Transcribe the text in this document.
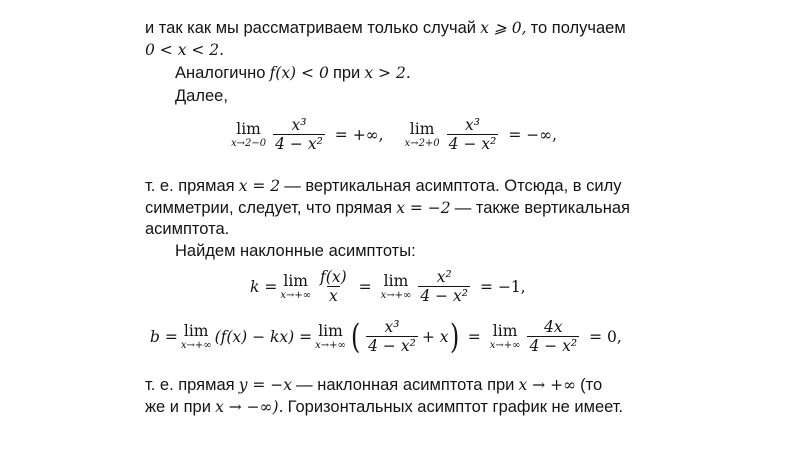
и так как мы рассматриваем только случай x ⩾ 0, то получаем
0 < x < 2.
Аналогично f(x) < 0 при x > 2.
Далее,
lim
$x\to 2-0 \frac{\text{x³}}{\text{4 − x²}}$ = +∞, lim
$x\to 2+0 \frac{\text{x³}}{\text{4 − x²}}$ = −∞,
т. е. прямая x = 2 — вертикальная асимптота. Отсюда, в силу
симметрии, следует, что прямая x = −2 — также вертикальная
асимптота.
Найдем наклонные асимптоты:
k = lim
$x\to+\infty \frac{f(x)}{x} = \lim$
$x\to+\infty \frac{\text{x²}}{\text{4 − x²}} = -1$,
b = lim
x→+∞ (f(x) − kx) = lim
x→+∞ ( $\frac{\text{x³}}{\text{4 − x²}} + x$ ) = lim
$x\to+\infty \frac{4x}{\text{4 − x²}} = 0$,
т. е. прямая y = −x — наклонная асимптота при x → +∞ (то
же и при x → −∞). Горизонтальных асимптот график не имеет.
